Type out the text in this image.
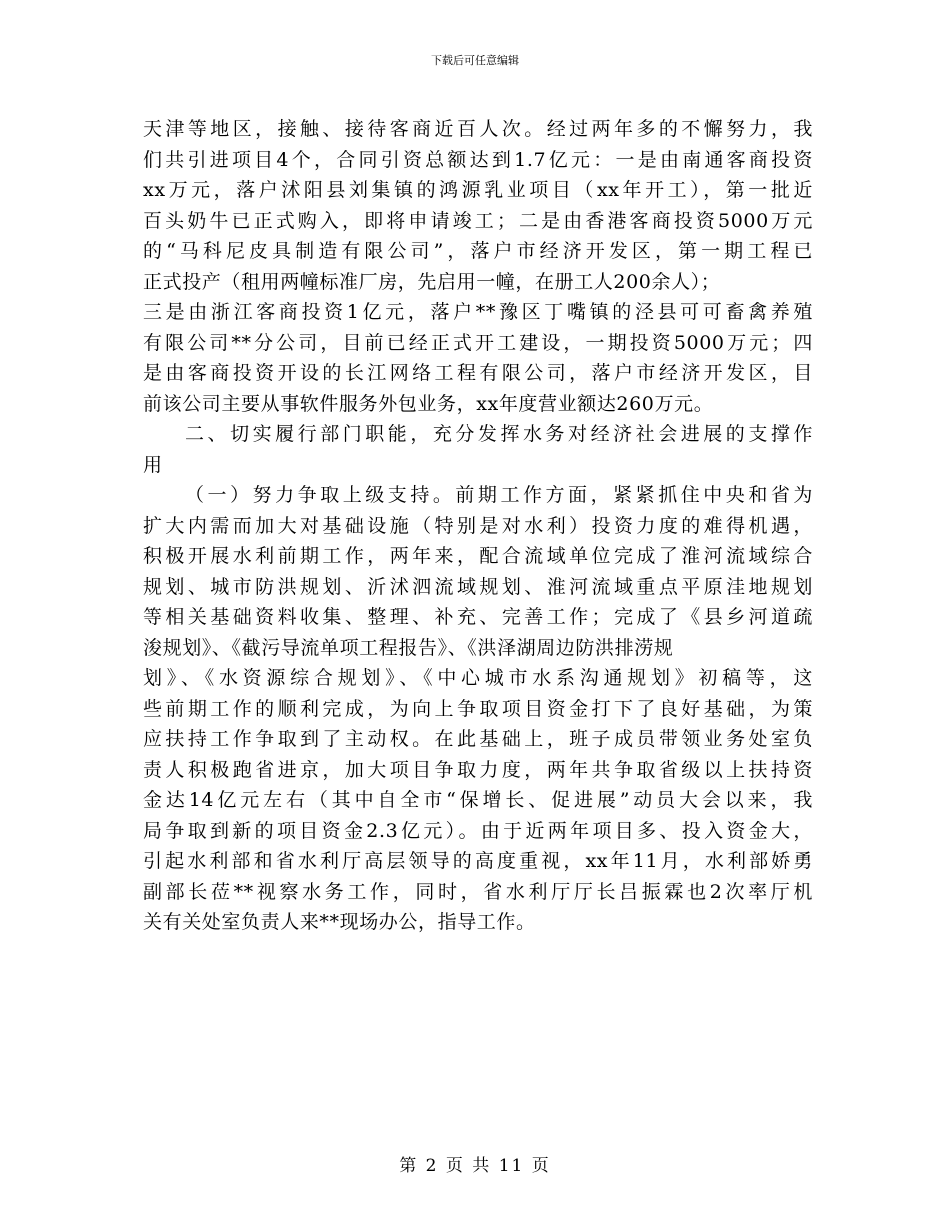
下载后可任意编辑
天津等地区，接触、接待客商近百人次。经过两年多的不懈努力，我
们共引进项目4个，合同引资总额达到1.7亿元：一是由南通客商投资
xx万元，落户沭阳县刘集镇的鸿源乳业项目（xx年开工），第一批近
百头奶牛已正式购入，即将申请竣工；二是由香港客商投资5000万元
的“马科尼皮具制造有限公司”，落户市经济开发区，第一期工程已
正式投产（租用两幢标准厂房，先启用一幢，在册工人200余人）；
三是由浙江客商投资1亿元，落户**豫区丁嘴镇的泾县可可畜禽养殖
有限公司**分公司，目前已经正式开工建设，一期投资5000万元；四
是由客商投资开设的长江网络工程有限公司，落户市经济开发区，目
前该公司主要从事软件服务外包业务，xx年度营业额达260万元。
二、切实履行部门职能，充分发挥水务对经济社会进展的支撑作
用
（一）努力争取上级支持。前期工作方面，紧紧抓住中央和省为
扩大内需而加大对基础设施（特别是对水利）投资力度的难得机遇，
积极开展水利前期工作，两年来，配合流域单位完成了淮河流域综合
规划、城市防洪规划、沂沭泗流域规划、淮河流域重点平原洼地规划
等相关基础资料收集、整理、补充、完善工作；完成了《县乡河道疏
浚规划》、《截污导流单项工程报告》、《洪泽湖周边防洪排涝规
划》、《水资源综合规划》、《中心城市水系沟通规划》初稿等，这
些前期工作的顺利完成，为向上争取项目资金打下了良好基础，为策
应扶持工作争取到了主动权。在此基础上，班子成员带领业务处室负
责人积极跑省进京，加大项目争取力度，两年共争取省级以上扶持资
金达14亿元左右（其中自全市“保增长、促进展”动员大会以来，我
局争取到新的项目资金2.3亿元）。由于近两年项目多、投入资金大，
引起水利部和省水利厅高层领导的高度重视，xx年11月，水利部娇勇
副部长莅**视察水务工作，同时，省水利厅厅长吕振霖也2次率厅机
关有关处室负责人来**现场办公，指导工作。
第 2 页 共 11 页
